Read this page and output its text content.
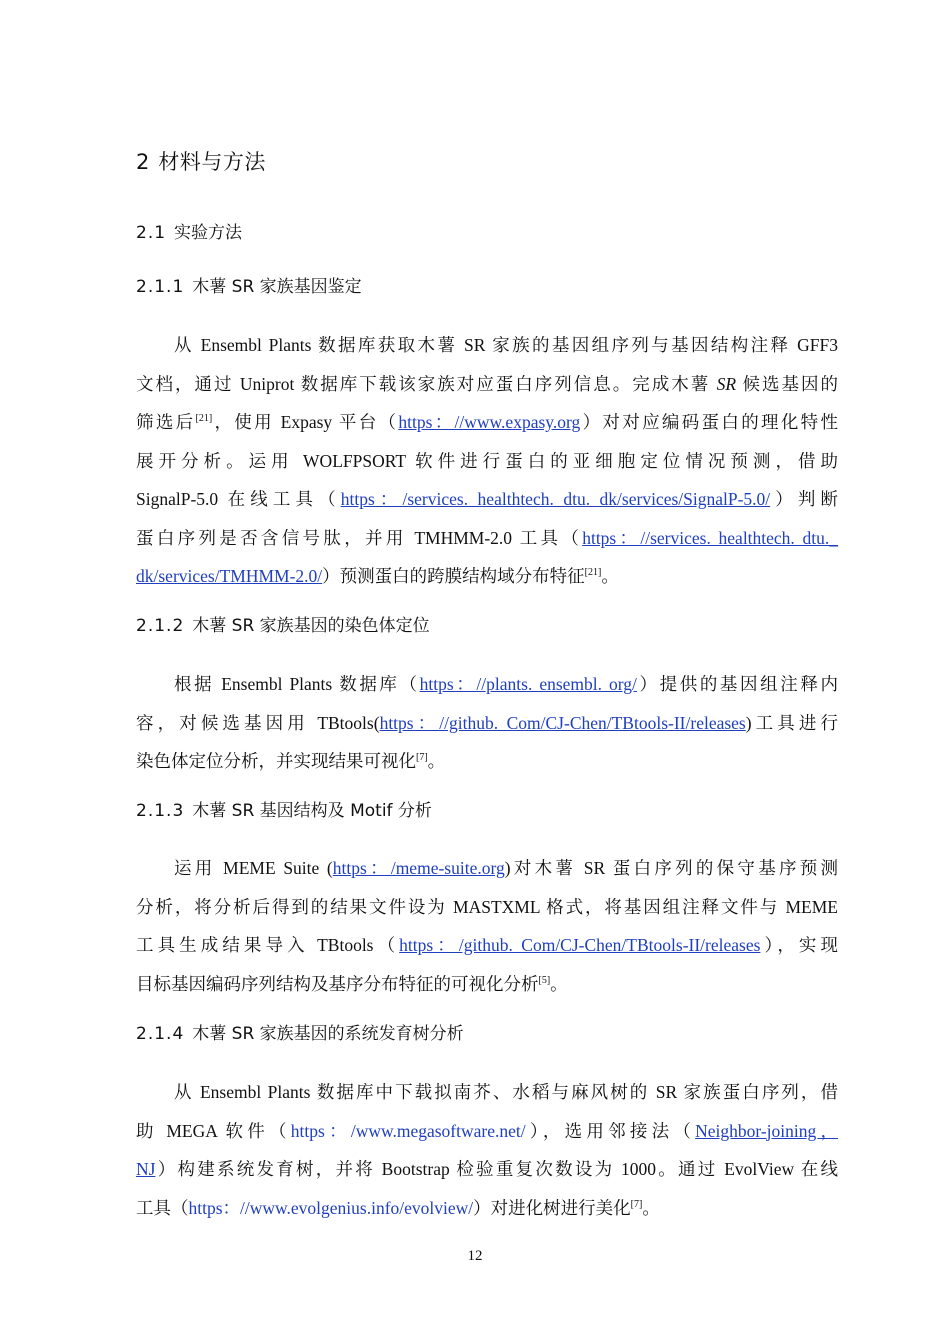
2 材料与方法
2.1 实验方法
2.1.1 木薯 SR 家族基因鉴定
从 Ensembl Plants 数据库获取木薯 SR 家族的基因组序列与基因结构注释 GFF3
文档，通过 Uniprot 数据库下载该家族对应蛋白序列信息。完成木薯 SR 候选基因的
筛选后[21]，使用 Expasy 平台（https：//www.expasy.org）对对应编码蛋白的理化特性
展开分析。运用 WOLFPSORT 软件进行蛋白的亚细胞定位情况预测，借助
SignalP-5.0 在线工具（https：/services. healthtech. dtu. dk/services/SignalP-5.0/）判断
蛋白序列是否含信号肽，并用 TMHMM-2.0 工具（https：//services. healthtech. dtu._
dk/services/TMHMM-2.0/）预测蛋白的跨膜结构域分布特征[21]。
2.1.2 木薯 SR 家族基因的染色体定位
根据 Ensembl Plants 数据库（https：//plants. ensembl. org/）提供的基因组注释内
容，对候选基因用 TBtools(https：//github. Com/CJ-Chen/TBtools-II/releases)工具进行
染色体定位分析，并实现结果可视化[7]。
2.1.3 木薯 SR 基因结构及 Motif 分析
运用 MEME Suite (https：/meme-suite.org)对木薯 SR 蛋白序列的保守基序预测
分析，将分析后得到的结果文件设为 MASTXML 格式，将基因组注释文件与 MEME
工具生成结果导入 TBtools（https：/github. Com/CJ-Chen/TBtools-II/releases），实现
目标基因编码序列结构及基序分布特征的可视化分析[5]。
2.1.4 木薯 SR 家族基因的系统发育树分析
从 Ensembl Plants 数据库中下载拟南芥、水稻与麻风树的 SR 家族蛋白序列，借
助 MEGA 软件（https：/www.megasoftware.net/），选用邻接法（Neighbor-joining，
NJ）构建系统发育树，并将 Bootstrap 检验重复次数设为 1000。通过 EvolView 在线
工具（https：//www.evolgenius.info/evolview/）对进化树进行美化[7]。
12
